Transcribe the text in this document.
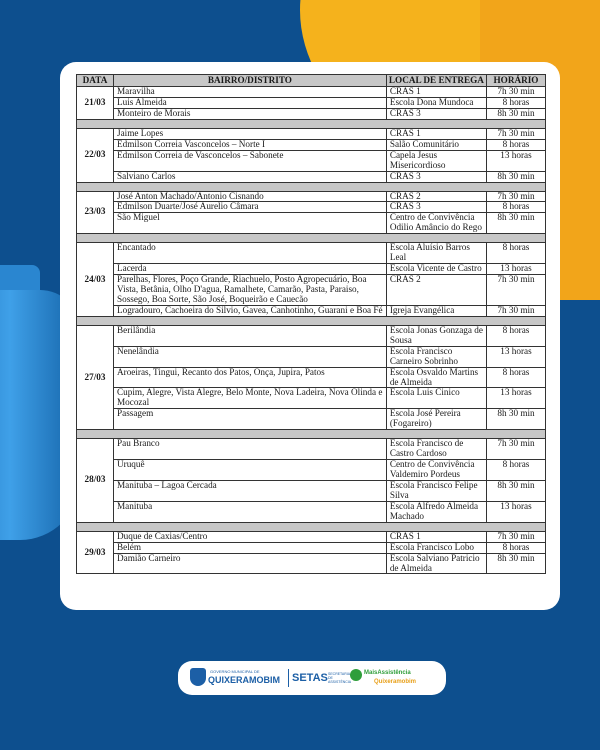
DATA	BAIRRO/DISTRITO	LOCAL DE ENTREGA	HORÁRIO
21/03	Maravilha	CRAS 1	7h 30 min
	Luis Almeida	Escola Dona Mundoca	8 horas
	Monteiro de Morais	CRAS 3	8h 30 min

22/03	Jaime Lopes	CRAS 1	7h 30 min
	Edmilson Correia Vasconcelos – Norte I	Salão Comunitário	8 horas
	Edmilson Correia de Vasconcelos – Sabonete	Capela Jesus Misericordioso	13 horas
	Salviano Carlos	CRAS 3	8h 30 min

23/03	José Anton Machado/Antonio Cisnando	CRAS 2	7h 30 min
	Edmilson Duarte/José Aurelio Câmara	CRAS 3	8 horas
	São Miguel	Centro de Convivência Odilio Amâncio do Rego	8h 30 min

24/03	Encantado	Escola Aluísio Barros Leal	8 horas
	Lacerda	Escola Vicente de Castro	13 horas
	Parelhas, Flores, Poço Grande, Riachuelo, Posto Agropecuário, Boa Vista, Betânia, Olho D'agua, Ramalhete, Camarão, Pasta, Paraiso, Sossego, Boa Sorte, São José, Boqueirão e Cauecão	CRAS 2	7h 30 min
	Logradouro, Cachoeira do Silvio, Gavea, Canhotinho, Guarani e Boa Fé	Igreja Evangélica	7h 30 min

27/03	Berilândia	Escola Jonas Gonzaga de Sousa	8 horas
	Nenelândia	Escola Francisco Carneiro Sobrinho	13 horas
	Aroeiras, Tingui, Recanto dos Patos, Onça, Jupira, Patos	Escola Osvaldo Martins de Almeida	8 horas
	Cupim, Alegre, Vista Alegre, Belo Monte, Nova Ladeira, Nova Olinda e Mocozal	Escola Luis Cinico	13 horas
	Passagem	Escola José Pereira (Fogareiro)	8h 30 min

28/03	Pau Branco	Escola Francisco de Castro Cardoso	7h 30 min
	Uruquê	Centro de Convivência Valdemiro Pordeus	8 horas
	Manituba – Lagoa Cercada	Escola Francisco Felipe Silva	8h 30 min
	Manituba	Escola Alfredo Almeida Machado	13 horas

29/03	Duque de Caxias/Centro	CRAS 1	7h 30 min
	Belém	Escola Francisco Lobo	8 horas
	Damião Carneiro	Escola Salviano Patricio de Almeida	8h 30 min
GOVERNO MUNICIPAL DE
QUIXERAMOBIM SETAS SECRETARIA DE ASSISTÊNCIA
MaisAssistência
Quixeramobim
